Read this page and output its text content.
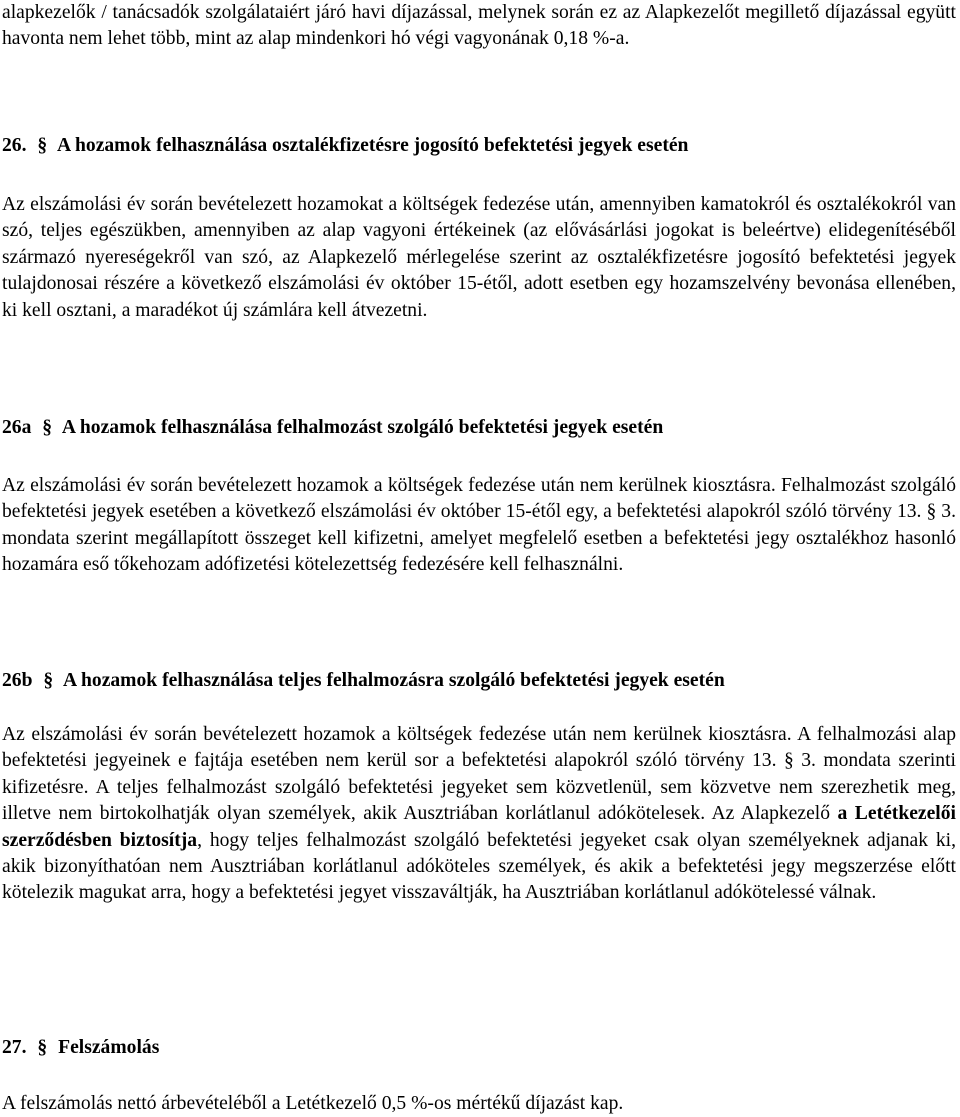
alapkezelők / tanácsadók szolgálataiért járó havi díjazással, melynek során ez az Alapkezelőt megillető díjazással együtt havonta nem lehet több, mint az alap mindenkori hó végi vagyonának 0,18 %-a.

26. § A hozamok felhasználása osztalékfizetésre jogosító befektetési jegyek esetén

Az elszámolási év során bevételezett hozamokat a költségek fedezése után, amennyiben kamatokról és osztalékokról van szó, teljes egészükben, amennyiben az alap vagyoni értékeinek (az elővásárlási jogokat is beleértve) elidegenítéséből származó nyereségekről van szó, az Alapkezelő mérlegelése szerint az osztalékfizetésre jogosító befektetési jegyek tulajdonosai részére a következő elszámolási év október 15-étől, adott esetben egy hozamszelvény bevonása ellenében, ki kell osztani, a maradékot új számlára kell átvezetni.

26a § A hozamok felhasználása felhalmozást szolgáló befektetési jegyek esetén

Az elszámolási év során bevételezett hozamok a költségek fedezése után nem kerülnek kiosztásra. Felhalmozást szolgáló befektetési jegyek esetében a következő elszámolási év október 15-étől egy, a befektetési alapokról szóló törvény 13. § 3. mondata szerint megállapított összeget kell kifizetni, amelyet megfelelő esetben a befektetési jegy osztalékhoz hasonló hozamára eső tőkehozam adófizetési kötelezettség fedezésére kell felhasználni.

26b § A hozamok felhasználása teljes felhalmozásra szolgáló befektetési jegyek esetén

Az elszámolási év során bevételezett hozamok a költségek fedezése után nem kerülnek kiosztásra. A felhalmozási alap befektetési jegyeinek e fajtája esetében nem kerül sor a befektetési alapokról szóló törvény 13. § 3. mondata szerinti kifizetésre. A teljes felhalmozást szolgáló befektetési jegyeket sem közvetlenül, sem közvetve nem szerezhetik meg, illetve nem birtokolhatják olyan személyek, akik Ausztriában korlátlanul adókötelesek. Az Alapkezelő a Letétkezelői szerződésben biztosítja, hogy teljes felhalmozást szolgáló befektetési jegyeket csak olyan személyeknek adjanak ki, akik bizonyíthatóan nem Ausztriában korlátlanul adóköteles személyek, és akik a befektetési jegy megszerzése előtt kötelezik magukat arra, hogy a befektetési jegyet visszaváltják, ha Ausztriában korlátlanul adókötelessé válnak.

27. § Felszámolás

A felszámolás nettó árbevételéből a Letétkezelő 0,5 %-os mértékű díjazást kap.
